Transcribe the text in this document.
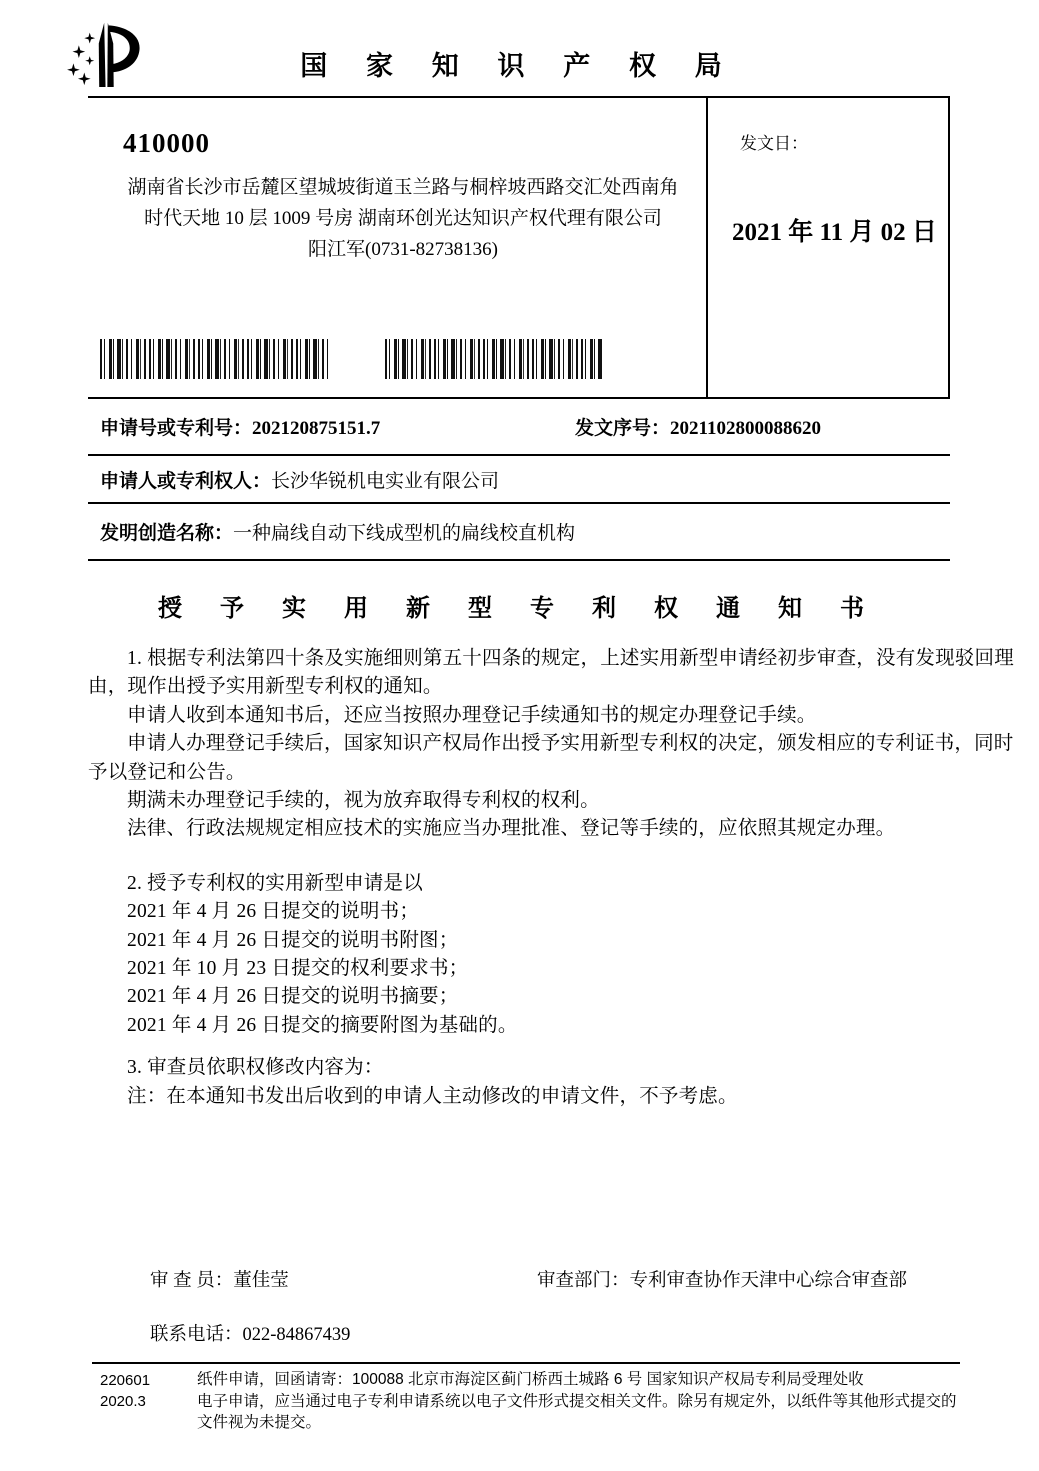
国 家 知 识 产 权 局
410000
湖南省长沙市岳麓区望城坡街道玉兰路与桐梓坡西路交汇处西南角
时代天地 10 层 1009 号房 湖南环创光达知识产权代理有限公司
阳江军(0731-82738136)
发文日：
2021 年 11 月 02 日
申请号或专利号：202120875151.7	发文序号：2021102800088620
申请人或专利权人：长沙华锐机电实业有限公司
发明创造名称：一种扁线自动下线成型机的扁线校直机构
授 予 实 用 新 型 专 利 权 通 知 书
1. 根据专利法第四十条及实施细则第五十四条的规定，上述实用新型申请经初步审查，没有发现驳回理
由，现作出授予实用新型专利权的通知。
申请人收到本通知书后，还应当按照办理登记手续通知书的规定办理登记手续。
申请人办理登记手续后，国家知识产权局作出授予实用新型专利权的决定，颁发相应的专利证书，同时
予以登记和公告。
期满未办理登记手续的，视为放弃取得专利权的权利。
法律、行政法规规定相应技术的实施应当办理批准、登记等手续的，应依照其规定办理。
2. 授予专利权的实用新型申请是以
2021 年 4 月 26 日提交的说明书；
2021 年 4 月 26 日提交的说明书附图；
2021 年 10 月 23 日提交的权利要求书；
2021 年 4 月 26 日提交的说明书摘要；
2021 年 4 月 26 日提交的摘要附图为基础的。
3. 审查员依职权修改内容为：
注：在本通知书发出后收到的申请人主动修改的申请文件，不予考虑。
审 查 员：董佳莹	审查部门：专利审查协作天津中心综合审查部
联系电话：022-84867439
220601
2020.3
纸件申请，回函请寄：100088 北京市海淀区蓟门桥西土城路 6 号 国家知识产权局专利局受理处收
电子申请，应当通过电子专利申请系统以电子文件形式提交相关文件。除另有规定外，以纸件等其他形式提交的
文件视为未提交。
